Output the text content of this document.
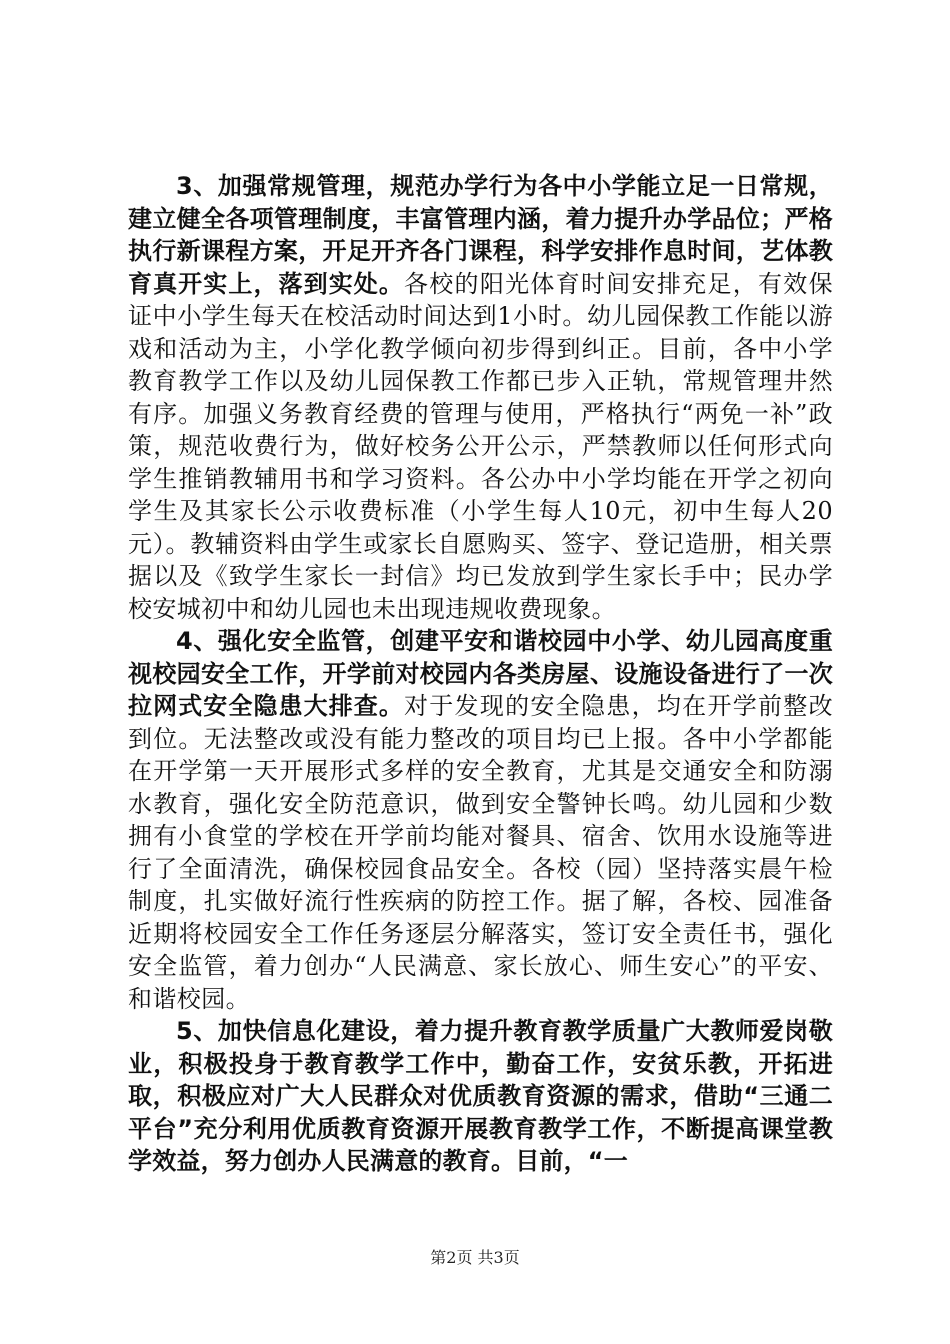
3、加强常规管理，规范办学行为各中小学能立足一日常规，建立健全各项管理制度，丰富管理内涵，着力提升办学品位；严格执行新课程方案，开足开齐各门课程，科学安排作息时间，艺体教育真开实上，落到实处。各校的阳光体育时间安排充足，有效保证中小学生每天在校活动时间达到1小时。幼儿园保教工作能以游戏和活动为主，小学化教学倾向初步得到纠正。目前，各中小学教育教学工作以及幼儿园保教工作都已步入正轨，常规管理井然有序。加强义务教育经费的管理与使用，严格执行“两免一补”政策，规范收费行为，做好校务公开公示，严禁教师以任何形式向学生推销教辅用书和学习资料。各公办中小学均能在开学之初向学生及其家长公示收费标准（小学生每人10元，初中生每人20元）。教辅资料由学生或家长自愿购买、签字、登记造册，相关票据以及《致学生家长一封信》均已发放到学生家长手中；民办学校安城初中和幼儿园也未出现违规收费现象。

4、强化安全监管，创建平安和谐校园中小学、幼儿园高度重视校园安全工作，开学前对校园内各类房屋、设施设备进行了一次拉网式安全隐患大排查。对于发现的安全隐患，均在开学前整改到位。无法整改或没有能力整改的项目均已上报。各中小学都能在开学第一天开展形式多样的安全教育，尤其是交通安全和防溺水教育，强化安全防范意识，做到安全警钟长鸣。幼儿园和少数拥有小食堂的学校在开学前均能对餐具、宿舍、饮用水设施等进行了全面清洗，确保校园食品安全。各校（园）坚持落实晨午检制度，扎实做好流行性疾病的防控工作。据了解，各校、园准备近期将校园安全工作任务逐层分解落实，签订安全责任书，强化安全监管，着力创办“人民满意、家长放心、师生安心”的平安、和谐校园。

5、加快信息化建设，着力提升教育教学质量广大教师爱岗敬业，积极投身于教育教学工作中，勤奋工作，安贫乐教，开拓进取，积极应对广大人民群众对优质教育资源的需求，借助“三通二平台”充分利用优质教育资源开展教育教学工作，不断提高课堂教学效益，努力创办人民满意的教育。目前，“一

第2页 共3页
